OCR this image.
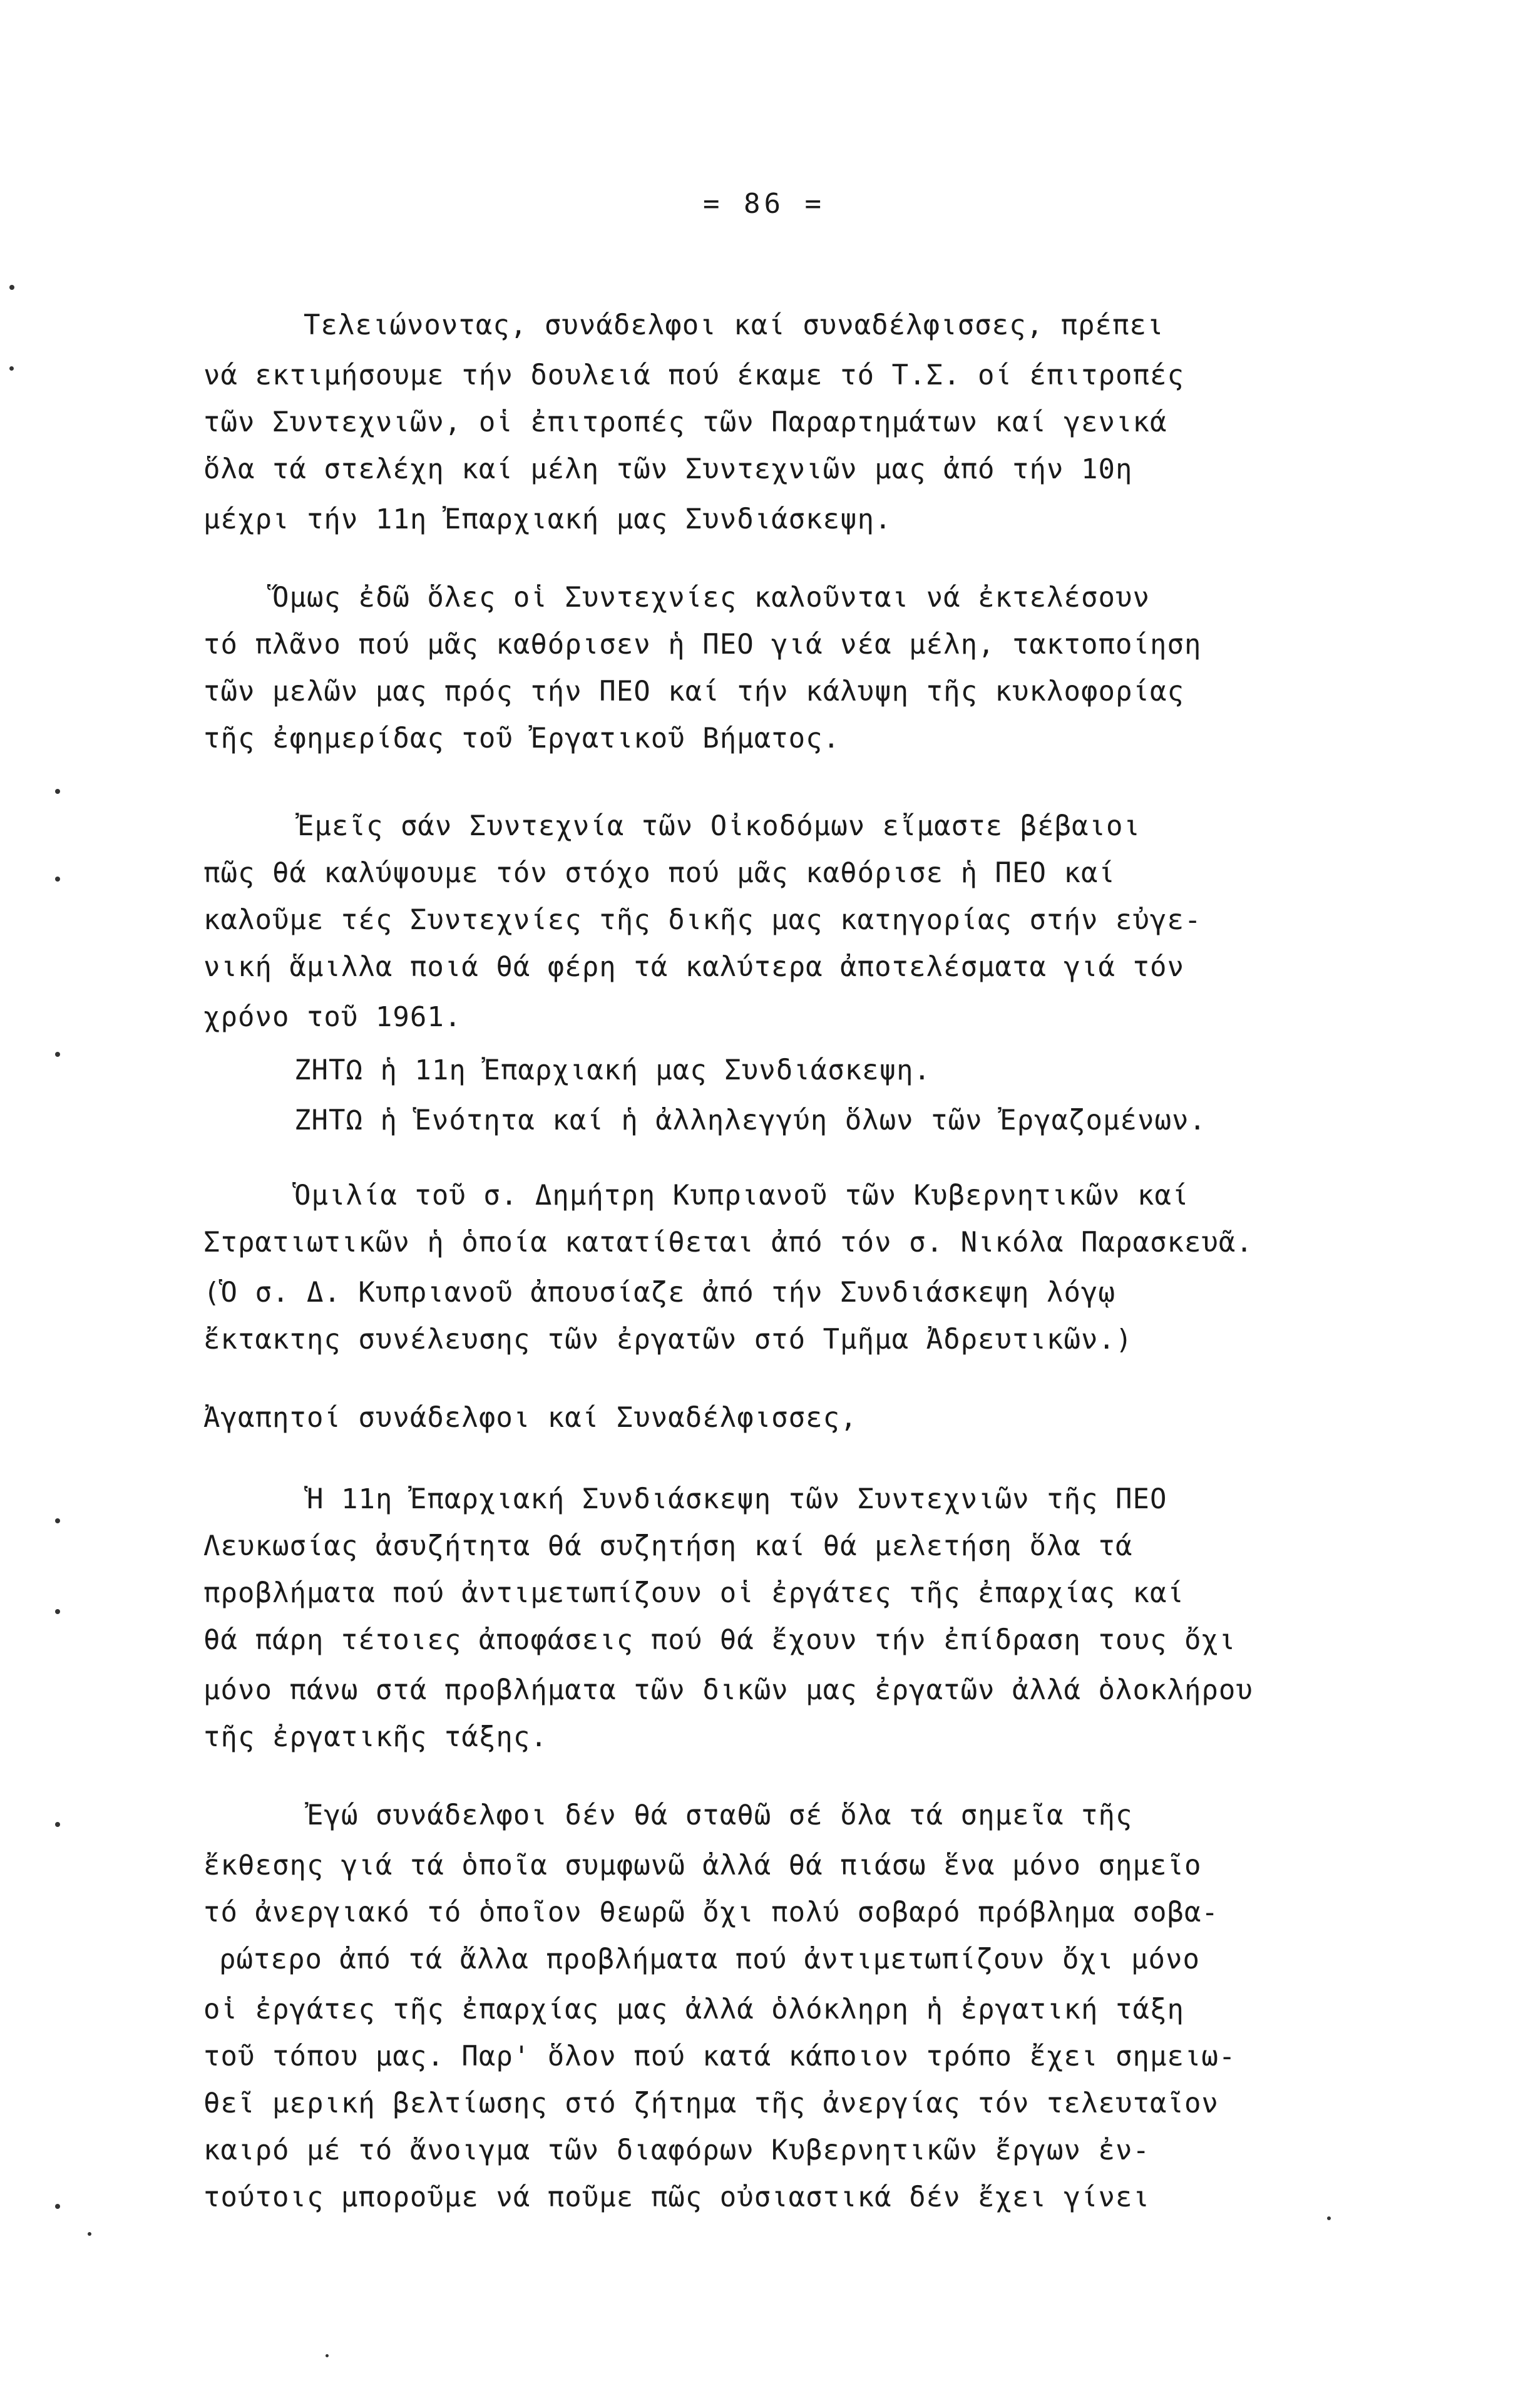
= 86 =
Τελειώνοντας, συνάδελφοι καί συναδέλφισσες, πρέπει
νά εκτιμήσουμε τήν δουλειά πού έκαμε τό Τ.Σ. οί έπιτροπές
τῶν Συντεχνιῶν, οἱ ἐπιτροπές τῶν Παραρτημάτων καί γενικά
ὅλα τά στελέχη καί μέλη τῶν Συντεχνιῶν μας ἀπό τήν 10η
μέχρι τήν 11η Ἐπαρχιακή μας Συνδιάσκεψη.
Ὅμως ἐδῶ ὅλες οἱ Συντεχνίες καλοῦνται νά ἐκτελέσουν
τό πλᾶνο πού μᾶς καθόρισεν ἡ ΠΕΟ γιά νέα μέλη, τακτοποίηση
τῶν μελῶν μας πρός τήν ΠΕΟ καί τήν κάλυψη τῆς κυκλοφορίας
τῆς ἐφημερίδας τοῦ Ἐργατικοῦ Βήματος.
Ἐμεῖς σάν Συντεχνία τῶν Οἰκοδόμων εἴμαστε βέβαιοι
πῶς θά καλύψουμε τόν στόχο πού μᾶς καθόρισε ἡ ΠΕΟ καί
καλοῦμε τές Συντεχνίες τῆς δικῆς μας κατηγορίας στήν εὐγε-
νική ἅμιλλα ποιά θά φέρη τά καλύτερα ἀποτελέσματα γιά τόν
χρόνο τοῦ 1961.
ΖΗΤΩ ἡ 11η Ἐπαρχιακή μας Συνδιάσκεψη.
ΖΗΤΩ ἡ Ἑνότητα καί ἡ ἀλληλεγγύη ὅλων τῶν Ἐργαζομένων.
Ὁμιλία τοῦ σ. Δημήτρη Κυπριανοῦ τῶν Κυβερνητικῶν καί
Στρατιωτικῶν ἡ ὁποία κατατίθεται ἀπό τόν σ. Νικόλα Παρασκευᾶ.
(Ὁ σ. Δ. Κυπριανοῦ ἀπουσίαζε ἀπό τήν Συνδιάσκεψη λόγῳ
ἔκτακτης συνέλευσης τῶν ἐργατῶν στό Τμῆμα Ἀδρευτικῶν.)
Ἀγαπητοί συνάδελφοι καί Συναδέλφισσες,
Ἡ 11η Ἐπαρχιακή Συνδιάσκεψη τῶν Συντεχνιῶν τῆς ΠΕΟ
Λευκωσίας ἀσυζήτητα θά συζητήση καί θά μελετήση ὅλα τά
προβλήματα πού ἀντιμετωπίζουν οἱ ἐργάτες τῆς ἐπαρχίας καί
θά πάρη τέτοιες ἀποφάσεις πού θά ἔχουν τήν ἐπίδραση τους ὄχι
μόνο πάνω στά προβλήματα τῶν δικῶν μας ἐργατῶν ἀλλά ὁλοκλήρου
τῆς ἐργατικῆς τάξης.
Ἐγώ συνάδελφοι δέν θά σταθῶ σέ ὅλα τά σημεῖα τῆς
ἔκθεσης γιά τά ὁποῖα συμφωνῶ ἀλλά θά πιάσω ἕνα μόνο σημεῖο
τό ἀνεργιακό τό ὁποῖον θεωρῶ ὄχι πολύ σοβαρό πρόβλημα σοβα-
ρώτερο ἀπό τά ἄλλα προβλήματα πού ἀντιμετωπίζουν ὄχι μόνο
οἱ ἐργάτες τῆς ἐπαρχίας μας ἀλλά ὁλόκληρη ἡ ἐργατική τάξη
τοῦ τόπου μας. Παρ' ὅλον πού κατά κάποιον τρόπο ἔχει σημειω-
θεῖ μερική βελτίωσης στό ζήτημα τῆς ἀνεργίας τόν τελευταῖον
καιρό μέ τό ἄνοιγμα τῶν διαφόρων Κυβερνητικῶν ἔργων ἐν-
τούτοις μποροῦμε νά ποῦμε πῶς οὐσιαστικά δέν ἔχει γίνει
